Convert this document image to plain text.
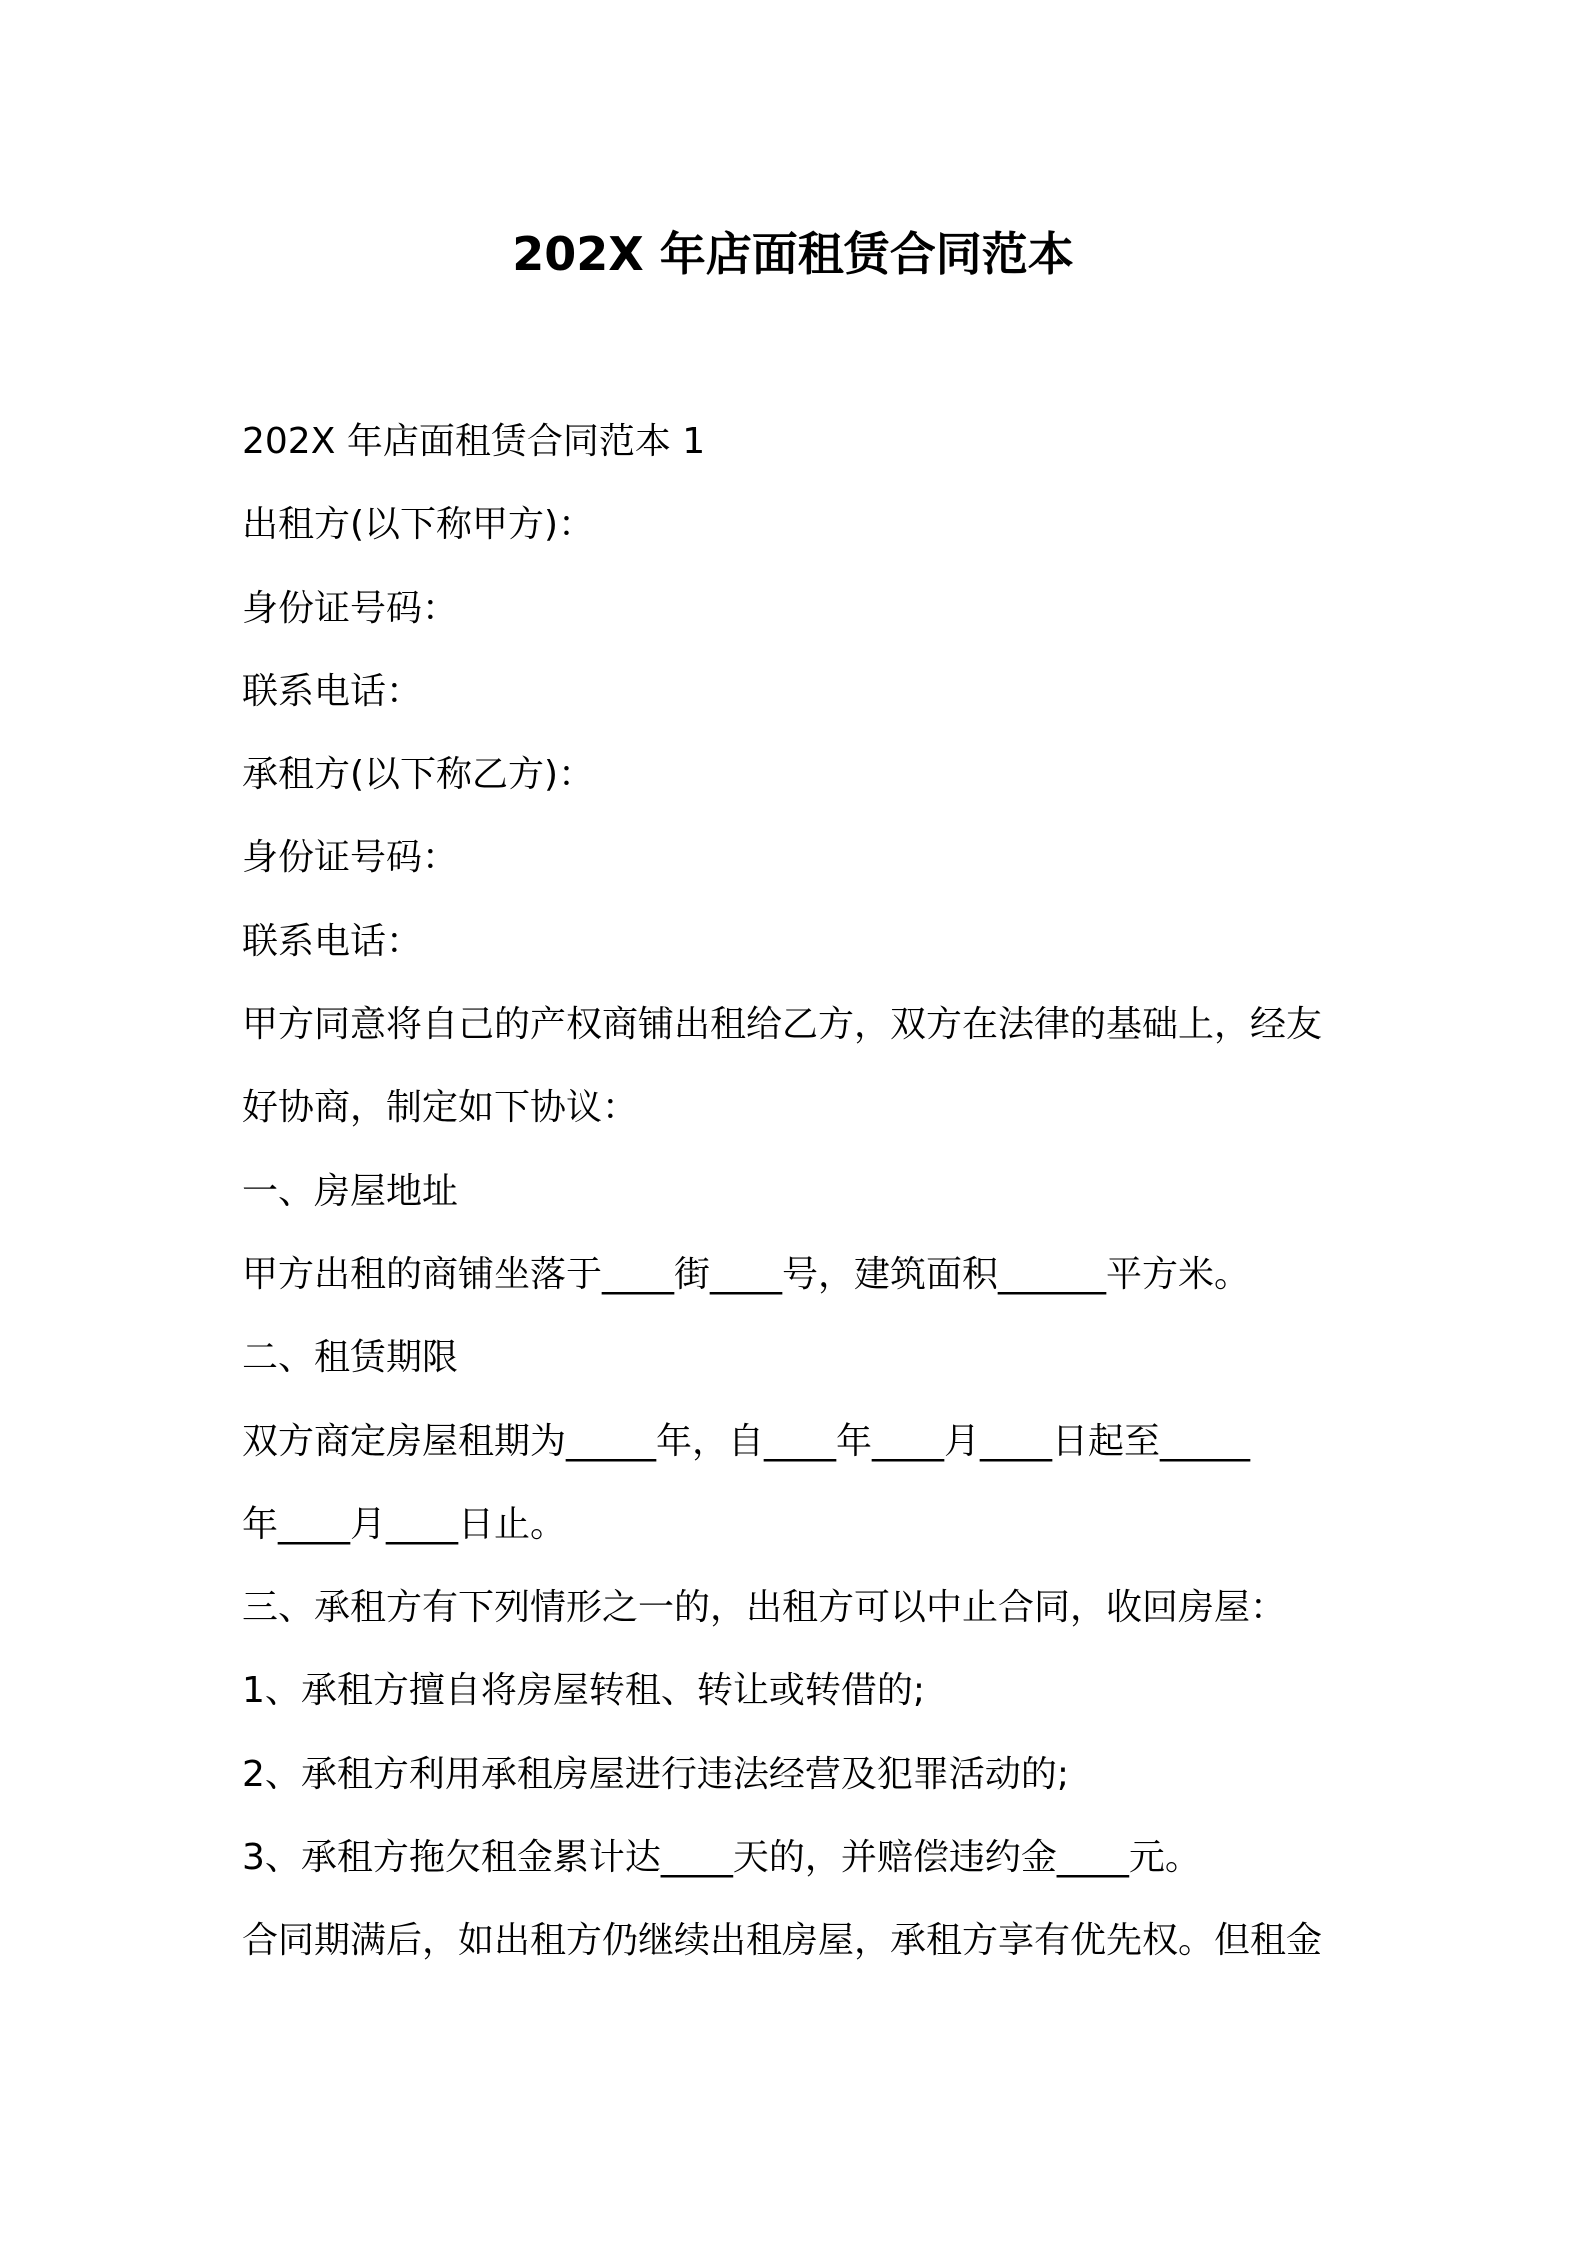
202X 年店面租赁合同范本

202X 年店面租赁合同范本 1

出租方(以下称甲方)：

身份证号码：

联系电话：

承租方(以下称乙方)：

身份证号码：

联系电话：

甲方同意将自己的产权商铺出租给乙方，双方在法律的基础上，经友

好协商，制定如下协议：

一、房屋地址

甲方出租的商铺坐落于____街____号，建筑面积______平方米。

二、租赁期限

双方商定房屋租期为_____年，自____年____月____日起至_____

年____月____日止。

三、承租方有下列情形之一的，出租方可以中止合同，收回房屋：

1、承租方擅自将房屋转租、转让或转借的;

2、承租方利用承租房屋进行违法经营及犯罪活动的;

3、承租方拖欠租金累计达____天的，并赔偿违约金____元。

合同期满后，如出租方仍继续出租房屋，承租方享有优先权。但租金
